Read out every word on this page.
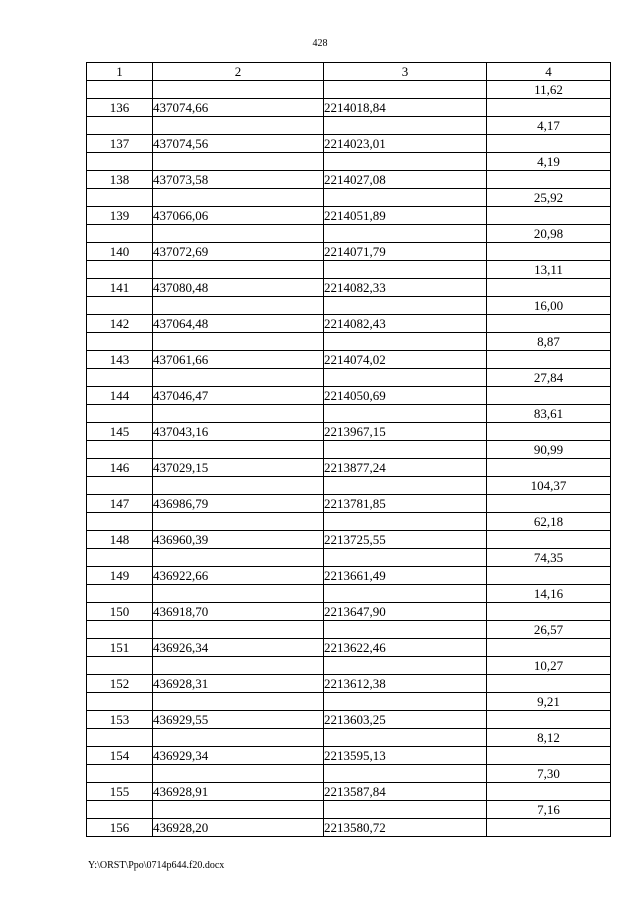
428
1	2	3	4
			11,62
136	437074,66	2214018,84	
			4,17
137	437074,56	2214023,01	
			4,19
138	437073,58	2214027,08	
			25,92
139	437066,06	2214051,89	
			20,98
140	437072,69	2214071,79	
			13,11
141	437080,48	2214082,33	
			16,00
142	437064,48	2214082,43	
			8,87
143	437061,66	2214074,02	
			27,84
144	437046,47	2214050,69	
			83,61
145	437043,16	2213967,15	
			90,99
146	437029,15	2213877,24	
			104,37
147	436986,79	2213781,85	
			62,18
148	436960,39	2213725,55	
			74,35
149	436922,66	2213661,49	
			14,16
150	436918,70	2213647,90	
			26,57
151	436926,34	2213622,46	
			10,27
152	436928,31	2213612,38	
			9,21
153	436929,55	2213603,25	
			8,12
154	436929,34	2213595,13	
			7,30
155	436928,91	2213587,84	
			7,16
156	436928,20	2213580,72	
Y:\ORST\Ppo\0714p644.f20.docx
